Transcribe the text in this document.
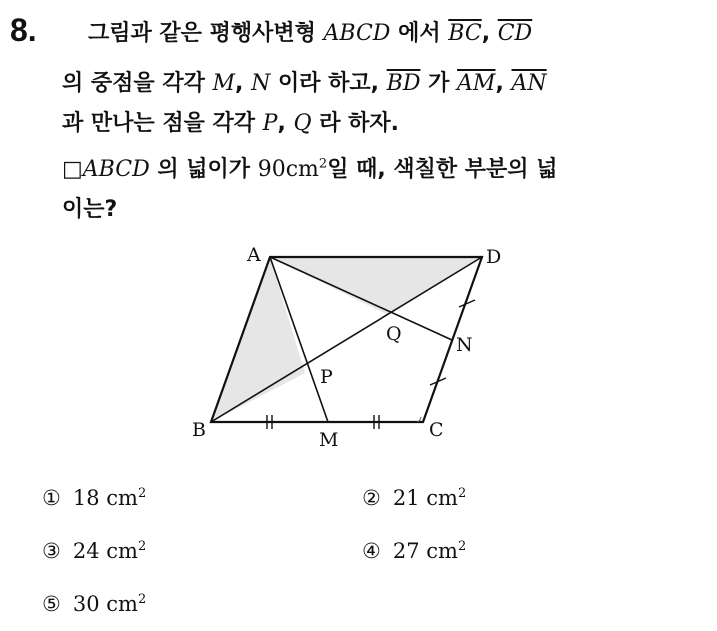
8. 그림과 같은 평행사변형 ABCD 에서 $\overline{BC}$, $\overline{CD}$
의 중점을 각각 M, N 이라 하고, $\overline{BD}$ 가 $\overline{AM}$, $\overline{AN}$
과 만나는 점을 각각 P, Q 라 하자.
□ABCD 의 넓이가 $90cm^2$일 때, 색칠한 부분의 넓
이는?
A	D
B	C
M
N
P
Q
① 18 $cm^2$	② 21 $cm^2$
③ 24 $cm^2$	④ 27 $cm^2$
⑤ 30 $cm^2$
